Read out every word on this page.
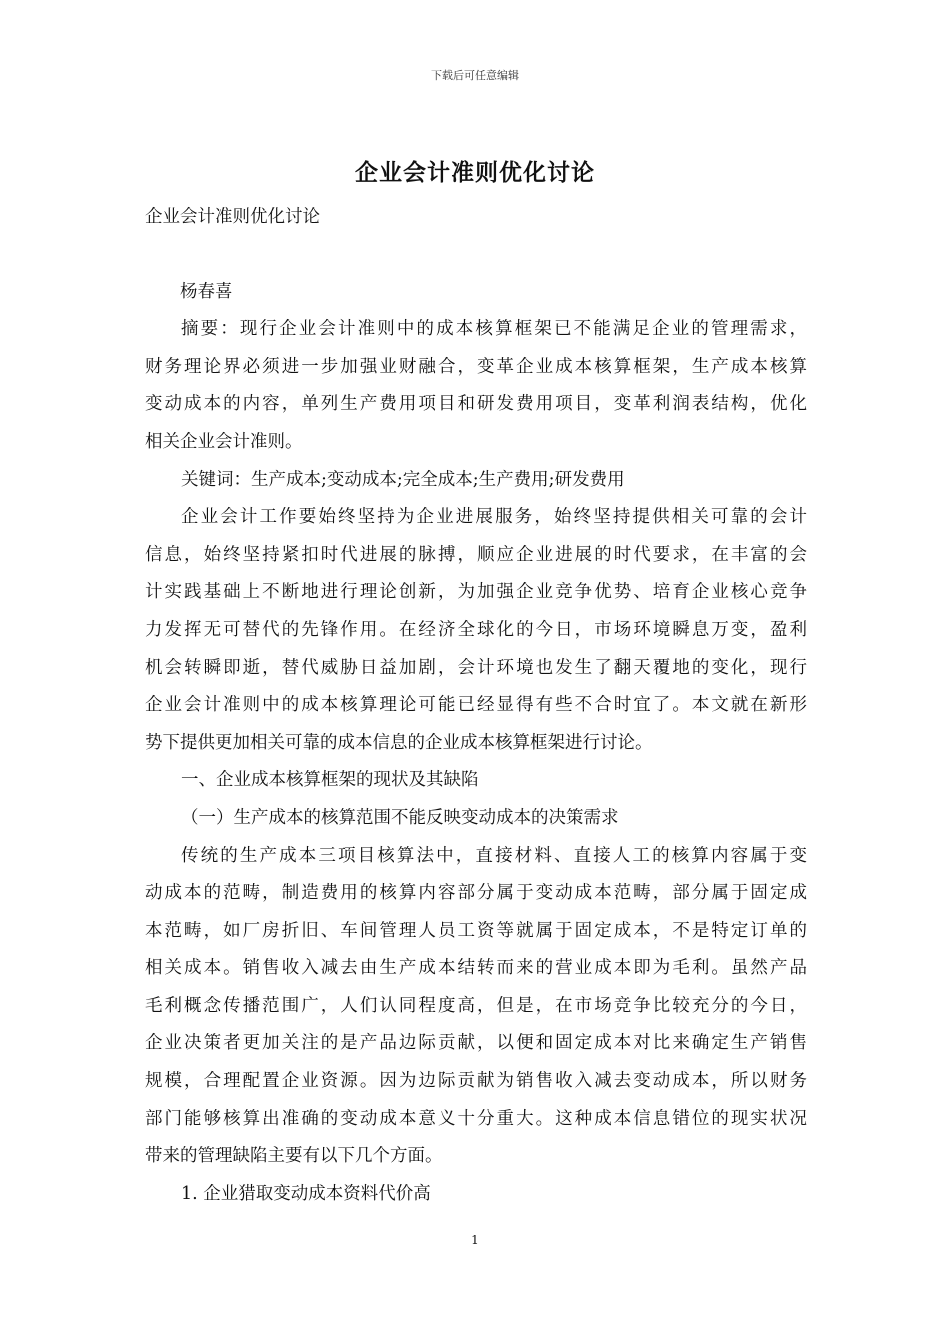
下载后可任意编辑
企业会计准则优化讨论
企业会计准则优化讨论
杨春喜
摘要：现行企业会计准则中的成本核算框架已不能满足企业的管理需求，
财务理论界必须进一步加强业财融合，变革企业成本核算框架，生产成本核算
变动成本的内容，单列生产费用项目和研发费用项目，变革利润表结构，优化
相关企业会计准则。
关键词：生产成本;变动成本;完全成本;生产费用;研发费用
企业会计工作要始终坚持为企业进展服务，始终坚持提供相关可靠的会计
信息，始终坚持紧扣时代进展的脉搏，顺应企业进展的时代要求，在丰富的会
计实践基础上不断地进行理论创新，为加强企业竞争优势、培育企业核心竞争
力发挥无可替代的先锋作用。在经济全球化的今日，市场环境瞬息万变，盈利
机会转瞬即逝，替代威胁日益加剧，会计环境也发生了翻天覆地的变化，现行
企业会计准则中的成本核算理论可能已经显得有些不合时宜了。本文就在新形
势下提供更加相关可靠的成本信息的企业成本核算框架进行讨论。
一、企业成本核算框架的现状及其缺陷
（一）生产成本的核算范围不能反映变动成本的决策需求
传统的生产成本三项目核算法中，直接材料、直接人工的核算内容属于变
动成本的范畴，制造费用的核算内容部分属于变动成本范畴，部分属于固定成
本范畴，如厂房折旧、车间管理人员工资等就属于固定成本，不是特定订单的
相关成本。销售收入减去由生产成本结转而来的营业成本即为毛利。虽然产品
毛利概念传播范围广，人们认同程度高，但是，在市场竞争比较充分的今日，
企业决策者更加关注的是产品边际贡献，以便和固定成本对比来确定生产销售
规模，合理配置企业资源。因为边际贡献为销售收入减去变动成本，所以财务
部门能够核算出准确的变动成本意义十分重大。这种成本信息错位的现实状况
带来的管理缺陷主要有以下几个方面。
1. 企业猎取变动成本资料代价高
1
